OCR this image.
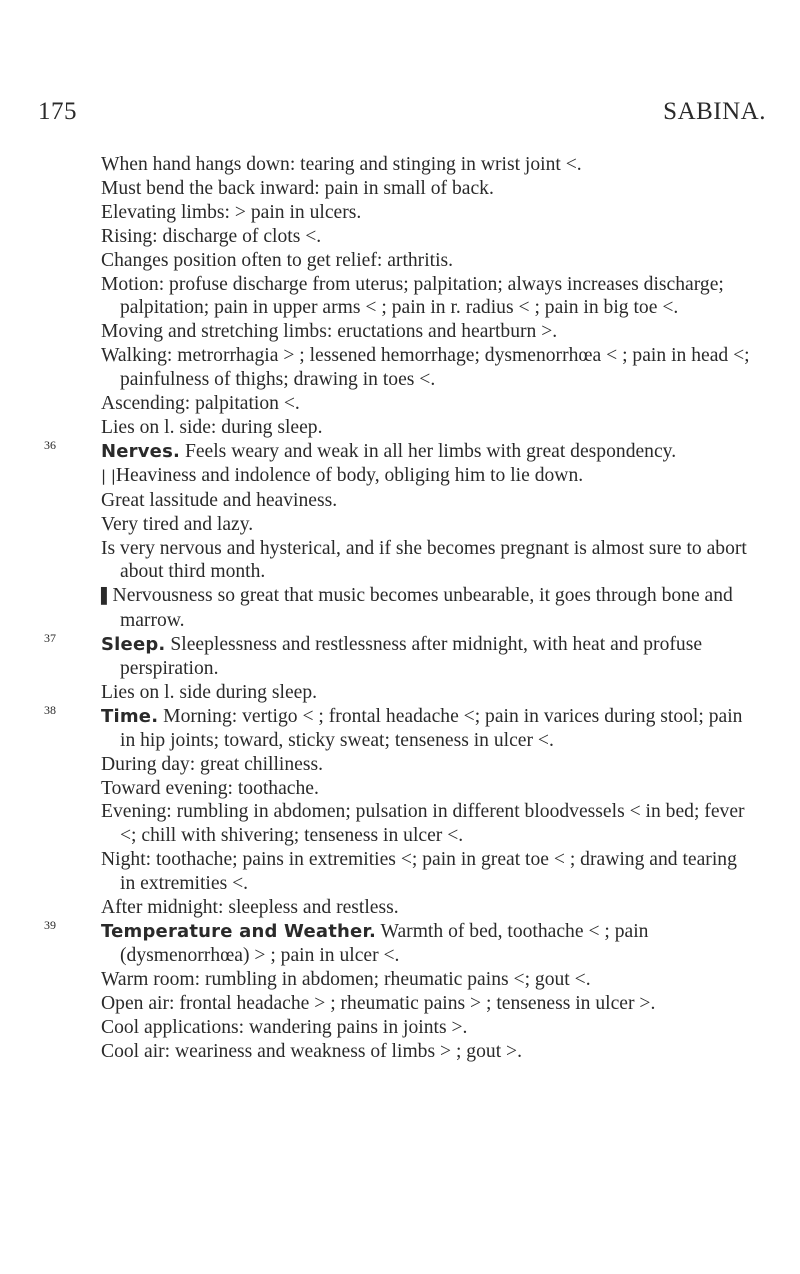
175	SABINA.

When hand hangs down: tearing and stinging in wrist joint <.

Must bend the back inward: pain in small of back.

Elevating limbs: > pain in ulcers.

Rising: discharge of clots <.

Changes position often to get relief: arthritis.

Motion: profuse discharge from uterus; palpitation; always increases discharge; palpitation; pain in upper arms < ; pain in r. radius < ; pain in big toe <.

Moving and stretching limbs: eructations and heartburn >.

Walking: metrorrhagia > ; lessened hemorrhage; dysmenorrhœa < ; pain in head <; painfulness of thighs; drawing in toes <.

Ascending: palpitation <.

Lies on l. side: during sleep.

36	Nerves. Feels weary and weak in all her limbs with great despondency.

| |Heaviness and indolence of body, obliging him to lie down.

Great lassitude and heaviness.

Very tired and lazy.

Is very nervous and hysterical, and if she becomes pregnant is almost sure to abort about third month.

▌Nervousness so great that music becomes unbearable, it goes through bone and marrow.

37	Sleep. Sleeplessness and restlessness after midnight, with heat and profuse perspiration.

Lies on l. side during sleep.

38	Time. Morning: vertigo < ; frontal headache <; pain in varices during stool; pain in hip joints; toward, sticky sweat; tenseness in ulcer <.

During day: great chilliness.

Toward evening: toothache.

Evening: rumbling in abdomen; pulsation in different bloodvessels < in bed; fever <; chill with shivering; tenseness in ulcer <.

Night: toothache; pains in extremities <; pain in great toe < ; drawing and tearing in extremities <.

After midnight: sleepless and restless.

39	Temperature and Weather. Warmth of bed, toothache < ; pain (dysmenorrhœa) > ; pain in ulcer <.

Warm room: rumbling in abdomen; rheumatic pains <; gout <.

Open air: frontal headache > ; rheumatic pains > ; tenseness in ulcer >.

Cool applications: wandering pains in joints >.

Cool air: weariness and weakness of limbs > ; gout >.
